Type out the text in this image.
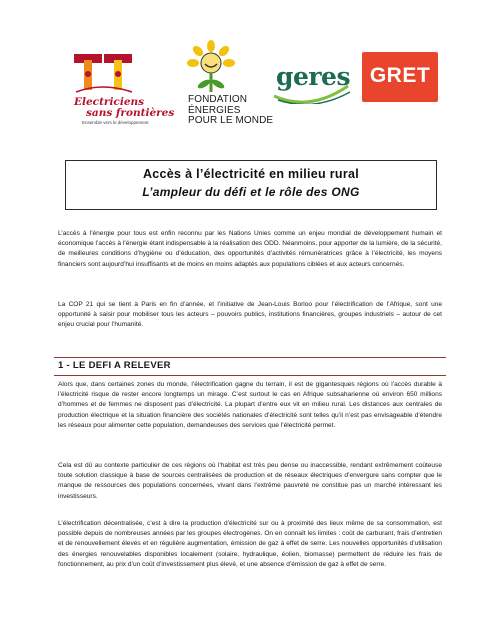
Electriciens
sans frontières
Ensemble vers le développement
FONDATION
ÉNERGIES
POUR LE MONDE
geres GRET
Accès à l’électricité en milieu rural
L’ampleur du défi et le rôle des ONG
L’accès à l’énergie pour tous est enfin reconnu par les Nations Unies comme un enjeu mondial de développement humain et économique l’accès à l’énergie étant indispensable à la réalisation des ODD. Néanmoins, pour apporter de la lumière, de la sécurité, de meilleures conditions d’hygiène ou d’éducation, des opportunités d’activités rémunératrices grâce à l’électricité, les moyens financiers sont aujourd’hui insuffisants et de moins en moins adaptés aux populations ciblées et aux acteurs concernés.
La COP 21 qui se tient à Paris en fin d’année, et l’initiative de Jean-Louis Borloo pour l’électrification de l’Afrique, sont une opportunité à saisir pour mobiliser tous les acteurs – pouvoirs publics, institutions financières, groupes industriels – autour de cet enjeu crucial pour l’humanité.
1 - LE DEFI A RELEVER
Alors que, dans certaines zones du monde, l’électrification gagne du terrain, il est de gigantesques régions où l’accès durable à l’électricité risque de rester encore longtemps un mirage. C’est surtout le cas en Afrique subsaharienne où environ 650 millions d’hommes et de femmes ne disposent pas d’électricité. La plupart d’entre eux vit en milieu rural. Les distances aux centrales de production électrique et la situation financière des sociétés nationales d’électricité sont telles qu’il n’est pas envisageable d’étendre les réseaux pour alimenter cette population, demandeuses des services que l’électricité permet.
Cela est dû au contexte particulier de ces régions où l’habitat est très peu dense ou inaccessible, rendant extrêmement coûteuse toute solution classique à base de sources centralisées de production et de réseaux électriques d’envergure sans compter que le manque de ressources des populations concernées, vivant dans l’extrême pauvreté ne constitue pas un marché intéressant les investisseurs.
L’électrification décentralisée, c’est à dire la production d’électricité sur ou à proximité des lieux même de sa consommation, est possible depuis de nombreuses années par les groupes électrogènes. On en connaît les limites : coût de carburant, frais d’entretien et de renouvellement élevés et en régulière augmentation, émission de gaz à effet de serre. Les nouvelles opportunités d’utilisation des énergies renouvelables disponibles localement (solaire, hydraulique, éolien, biomasse) permettent de réduire les frais de fonctionnement, au prix d’un coût d’investissement plus élevé, et une absence d’émission de gaz à effet de serre.
